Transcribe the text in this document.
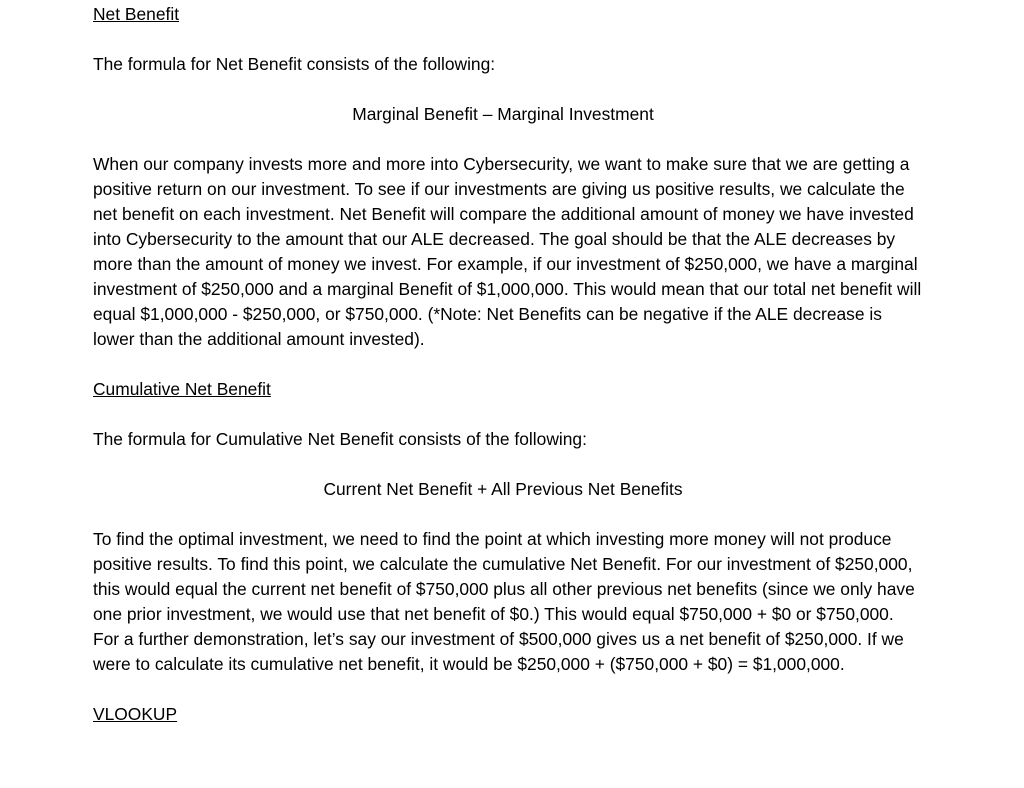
Net Benefit

The formula for Net Benefit consists of the following:

Marginal Benefit – Marginal Investment

When our company invests more and more into Cybersecurity, we want to make sure that we are getting a positive return on our investment. To see if our investments are giving us positive results, we calculate the net benefit on each investment. Net Benefit will compare the additional amount of money we have invested into Cybersecurity to the amount that our ALE decreased. The goal should be that the ALE decreases by more than the amount of money we invest. For example, if our investment of $250,000, we have a marginal investment of $250,000 and a marginal Benefit of $1,000,000. This would mean that our total net benefit will equal $1,000,000 - $250,000, or $750,000. (*Note: Net Benefits can be negative if the ALE decrease is lower than the additional amount invested).

Cumulative Net Benefit

The formula for Cumulative Net Benefit consists of the following:

Current Net Benefit + All Previous Net Benefits

To find the optimal investment, we need to find the point at which investing more money will not produce positive results. To find this point, we calculate the cumulative Net Benefit. For our investment of $250,000, this would equal the current net benefit of $750,000 plus all other previous net benefits (since we only have one prior investment, we would use that net benefit of $0.) This would equal $750,000 + $0 or $750,000. For a further demonstration, let’s say our investment of $500,000 gives us a net benefit of $250,000. If we were to calculate its cumulative net benefit, it would be $250,000 + ($750,000 + $0) = $1,000,000.

VLOOKUP
